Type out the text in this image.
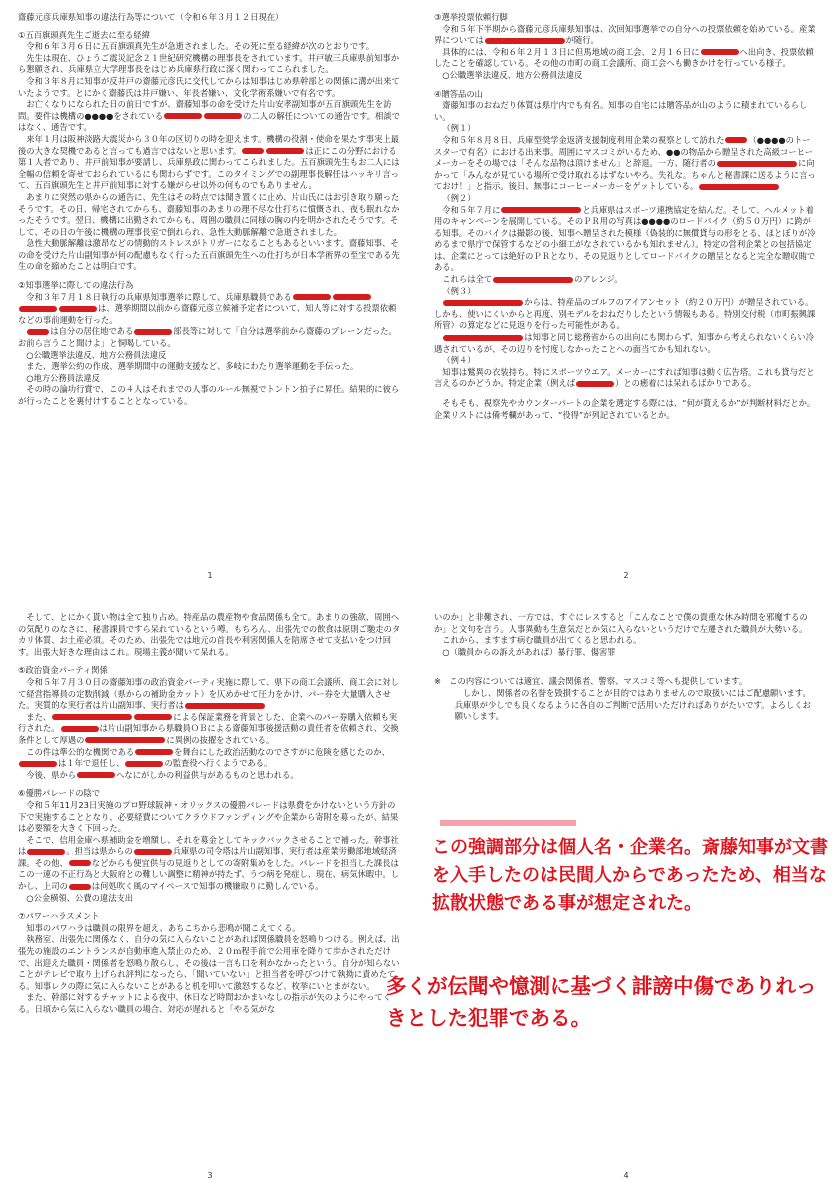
齋藤元彦兵庫県知事の違法行為等について（令和６年３月１２日現在）

①五百旗頭真先生ご逝去に至る経緯

令和６年３月６日に五百旗頭真先生が急逝されました。その死に至る経緯が次のとおりです。

先生は現在、ひょうご震災記念２１世紀研究機構の理事長をされています。井戸敏三兵庫県前知事から懇願され、兵庫県立大学理事長をはじめ兵庫県行政に深く関わってこられました。

令和３年８月に知事が反井戸の齋藤元彦氏に交代してからは知事はじめ県幹部との関係に溝が出来ていたようです。とにかく齋藤氏は井戸嫌い、年長者嫌い、文化学術系嫌いで有名です。

お亡くなりになられた日の前日ですが、齋藤知事の命を受けた片山安孝副知事が五百旗頭先生を訪問。要件は機構の●●●●をされている	の二人の解任についての通告です。相談ではなく、通告です。

来年１月は阪神淡路大震災から３０年の区切りの時を迎えます。機構の役割・使命を果たす事実上最後の大きな契機であると言っても過言ではないと思います。	は正にこの分野における第１人者であり、井戸前知事が要請し、兵庫県政に関わってこられました。五百旗頭先生もお二人には全幅の信頼を寄せておられているにも関わらずです。このタイミングでの副理事長解任はハッキリ言って、五百旗頭先生と井戸前知事に対する嫌がらせ以外の何ものでもありません。

あまりに突然の県からの通告に、先生はその時点では聞き置くに止め、片山氏にはお引き取り願ったそうです。その日、帰宅されてからも、齋藤知事のあまりの理不尽な仕打ちに憤慨され、夜も眠れなかったそうです。翌日、機構に出勤されてからも、周囲の職員に同様の胸の内を明かされたそうです。そして、その日の午後に機構の理事長室で倒れられ、急性大動脈解離で急逝されました。

急性大動脈解離は激昂などの情動的ストレスがトリガーになることもあるといいます。齋藤知事、その命を受けた片山副知事が何の配慮もなく行った五百旗頭先生への仕打ちが日本学術界の至宝である先生の命を縮めたことは明白です。

②知事選挙に際しての違法行為

令和３年７月１８日執行の兵庫県知事選挙に際して、兵庫県職員であるは、選挙期間以前から齋藤元彦立候補予定者について、知人等に対する投票依頼などの事前運動を行った。

は自分の居住地である	部長等に対して「自分は選挙前から齋藤のブレーンだった。お前ら言うこと聞けよ」と恫喝している。

○公職選挙法違反、地方公務員法違反

また、選挙公約の作成、選挙期間中の運動支援など、多岐にわたり選挙運動を手伝った。

○地方公務員法違反

その時の論功行賞で、この４人はそれまでの人事のルール無視でトントン拍子に昇任。結果的に彼らが行ったことを裏付けすることとなっている。

1

③選挙投票依頼行脚

令和５年下半期から齋藤元彦兵庫県知事は、次回知事選挙での自分への投票依頼を始めている。産業界については	が随行。

具体的には、令和６年２月１３日に但馬地域の商工会、２月１６日に	へ出向き、投票依頼したことを確認している。その他の市町の商工会議所、商工会へも働きかけを行っている様子。

○公職選挙法違反、地方公務員法違反

④贈答品の山

齋藤知事のおねだり体質は県庁内でも有名。知事の自宅には贈答品が山のように積まれているらしい。

（例１）

令和５年８月８日、兵庫型奨学金返済支援制度利用企業の視察として訪れた	（●●●●のトースターで有名）における出来事。周囲にマスコミがいるため、●●の物品から贈呈された高級コーヒーメーカーをその場では「そんな品物は頂けません」と辞退。一方、随行者の	に向かって「みんなが見ている場所で受け取れるはずないやろ。失礼な。ちゃんと秘書課に送るように言っておけ！」と指示。後日、無事にコーヒーメーカーをゲットしている。

（例２）

令和５年７月に	と兵庫県はスポーツ連携協定を結んだ。そして、ヘルメット着用のキャンペーンを展開している。そのＰＲ用の写真は●●●●のロードバイク（約５０万円）に跨がる知事。そのバイクは撮影の後、知事へ贈呈された模様（偽装的に無償貸与の形をとる、ほとぼりが冷めるまで県庁で保管するなどの小細工がなされているかも知れません）。特定の営利企業との包括協定は、企業にとっては絶好のＰＲとなり、その見返りとしてロードバイクの贈呈となると完全な贈収賄である。

これらは全て	のアレンジ。

（例３）

からは、特産品のゴルフのアイアンセット（約２０万円）が贈呈されている。しかも、使いにくいからと再度、別モデルをおねだりしたという情報もある。特別交付税（市町振興課所管）の算定などに見返りを行った可能性がある。

は知事と同じ総務省からの出向にも関わらず、知事から考えられないくらい冷遇されているが、その辺りを忖度しなかったことへの面当てかも知れない。

（例４）

知事は鷲異の衣装持ち。特にスポーツウエア。メーカーにすれば知事は動く広告塔。これも貸与だと言えるのかどうか。特定企業（例えば	）との癒着には呆れるばかりである。

そもそも、視察先やカウンターパートの企業を選定する際には、“何が貰えるか”が判断材料だとか。企業リストには備考欄があって、“役得”が列記されているとか。

2

そして、とにかく貰い物は全て独り占め。特産品の農産物や食品関係も全て。あまりの強欲、周囲への気配りのなさに、秘書課員ですら呆れているという噂。もちろん、出張先での飲食は原則ご馳走のタカリ体質、お土産必須。そのため、出張先では地元の首長や利害関係人を陪席させて支払いをつけ回す。出張大好きな理由はこれ。現場主義が聞いて呆れる。

⑤政治資金パーティ関係

令和５年７月３０日の齋藤知事の政治資金パーティ実施に際して、県下の商工会議所、商工会に対して経営指導員の定数削減（県からの補助金カット）を仄めかせて圧力をかけ、パー券を大量購入させた。実質的な実行者は片山副知事、実行者は

また、	による保証業務を背景とした、企業へのパー券購入依頼も実行された。	は片山副知事から県職員ＯＢによる齋藤知事後援活動の責任者を依頼され、交換条件として厚遇の	に異例の抜擢をされている。

この件は準公的な機関である	を舞台にした政治活動なのでさすがに危険を感じたのか、は１年で退任し、	の監査役へ行くようである。

今後、県から	へなにがしかの利益供与があるものと思われる。

⑥優勝パレードの陰で

令和５年11月23日実施のプロ野球阪神・オリックスの優勝パレードは県費をかけないという方針の下で実施することとなり、必要経費についてクラウドファンディングや企業から寄附を募ったが、結果は必要額を大きく下回った。

そこで、信用金庫へ県補助金を増額し、それを募金としてキックバックさせることで補った。幹事社は	。担当は県からの	兵庫県の司令塔は片山副知事、実行者は産業労働部地域経済課。その他、	などからも便宜供与の見返りとしての寄附集めをした。パレードを担当した課長はこの一連の不正行為と大阪府との難しい調整に精神が持たず、うつ病を発症し、現在、病気休暇中。しかし、上司の	は何処吹く風のマイペースで知事の機嫌取りに勤しんでいる。

○公金横領、公費の違法支出

⑦パワーハラスメント

知事のパワハラは職員の限界を超え、あちこちから悲鳴が聞こえてくる。

執務室、出張先に関係なく、自分の気に入らないことがあれば関係職員を怒鳴りつける。例えば、出張先の施設のエントランスが自動車進入禁止のため、２０ｍ程手前で公用車を降りて歩かされただけで、出迎えた職員・関係者を怒鳴り散らし、その後は一言も口を利かなかったという。自分が知らないことがテレビで取り上げられ評判になったら、「聞いていない」と担当者を呼びつけて執拗に責めたてる。知事レクの際に気に入らないことがあると机を叩いて激怒するなど、枚挙にいとまがない。

また、幹部に対するチャットによる夜中、休日など時間おかまいなしの指示が矢のようにやってくる。日頃から気に入らない職員の場合、対応が遅れると「やる気がな

3

いのか」と非難され、一方では、すぐにレスすると「こんなことで僕の貴重な休み時間を邪魔するのか」と文句を言う。人事異動も生意気だとか気に入らないというだけで左遷された職員が大勢いる。

これから、ますます病む職員が出てくると思われる。

○（職員からの訴えがあれば）暴行罪、傷害罪

※　この内容については適宜、議会関係者、警察、マスコミ等へも提供しています。

しかし、関係者の名誉を毀損することが目的ではありませんので取扱いにはご配慮願います。兵庫県が少しでも良くなるように各自のご判断で活用いただければありがたいです。よろしくお願いします。

4

この強調部分は個人名・企業名。斎藤知事が文書を入手したのは民間人からであったため、相当な拡散状態である事が想定された。

多くが伝聞や憶測に基づく誹謗中傷でありれっきとした犯罪である。
